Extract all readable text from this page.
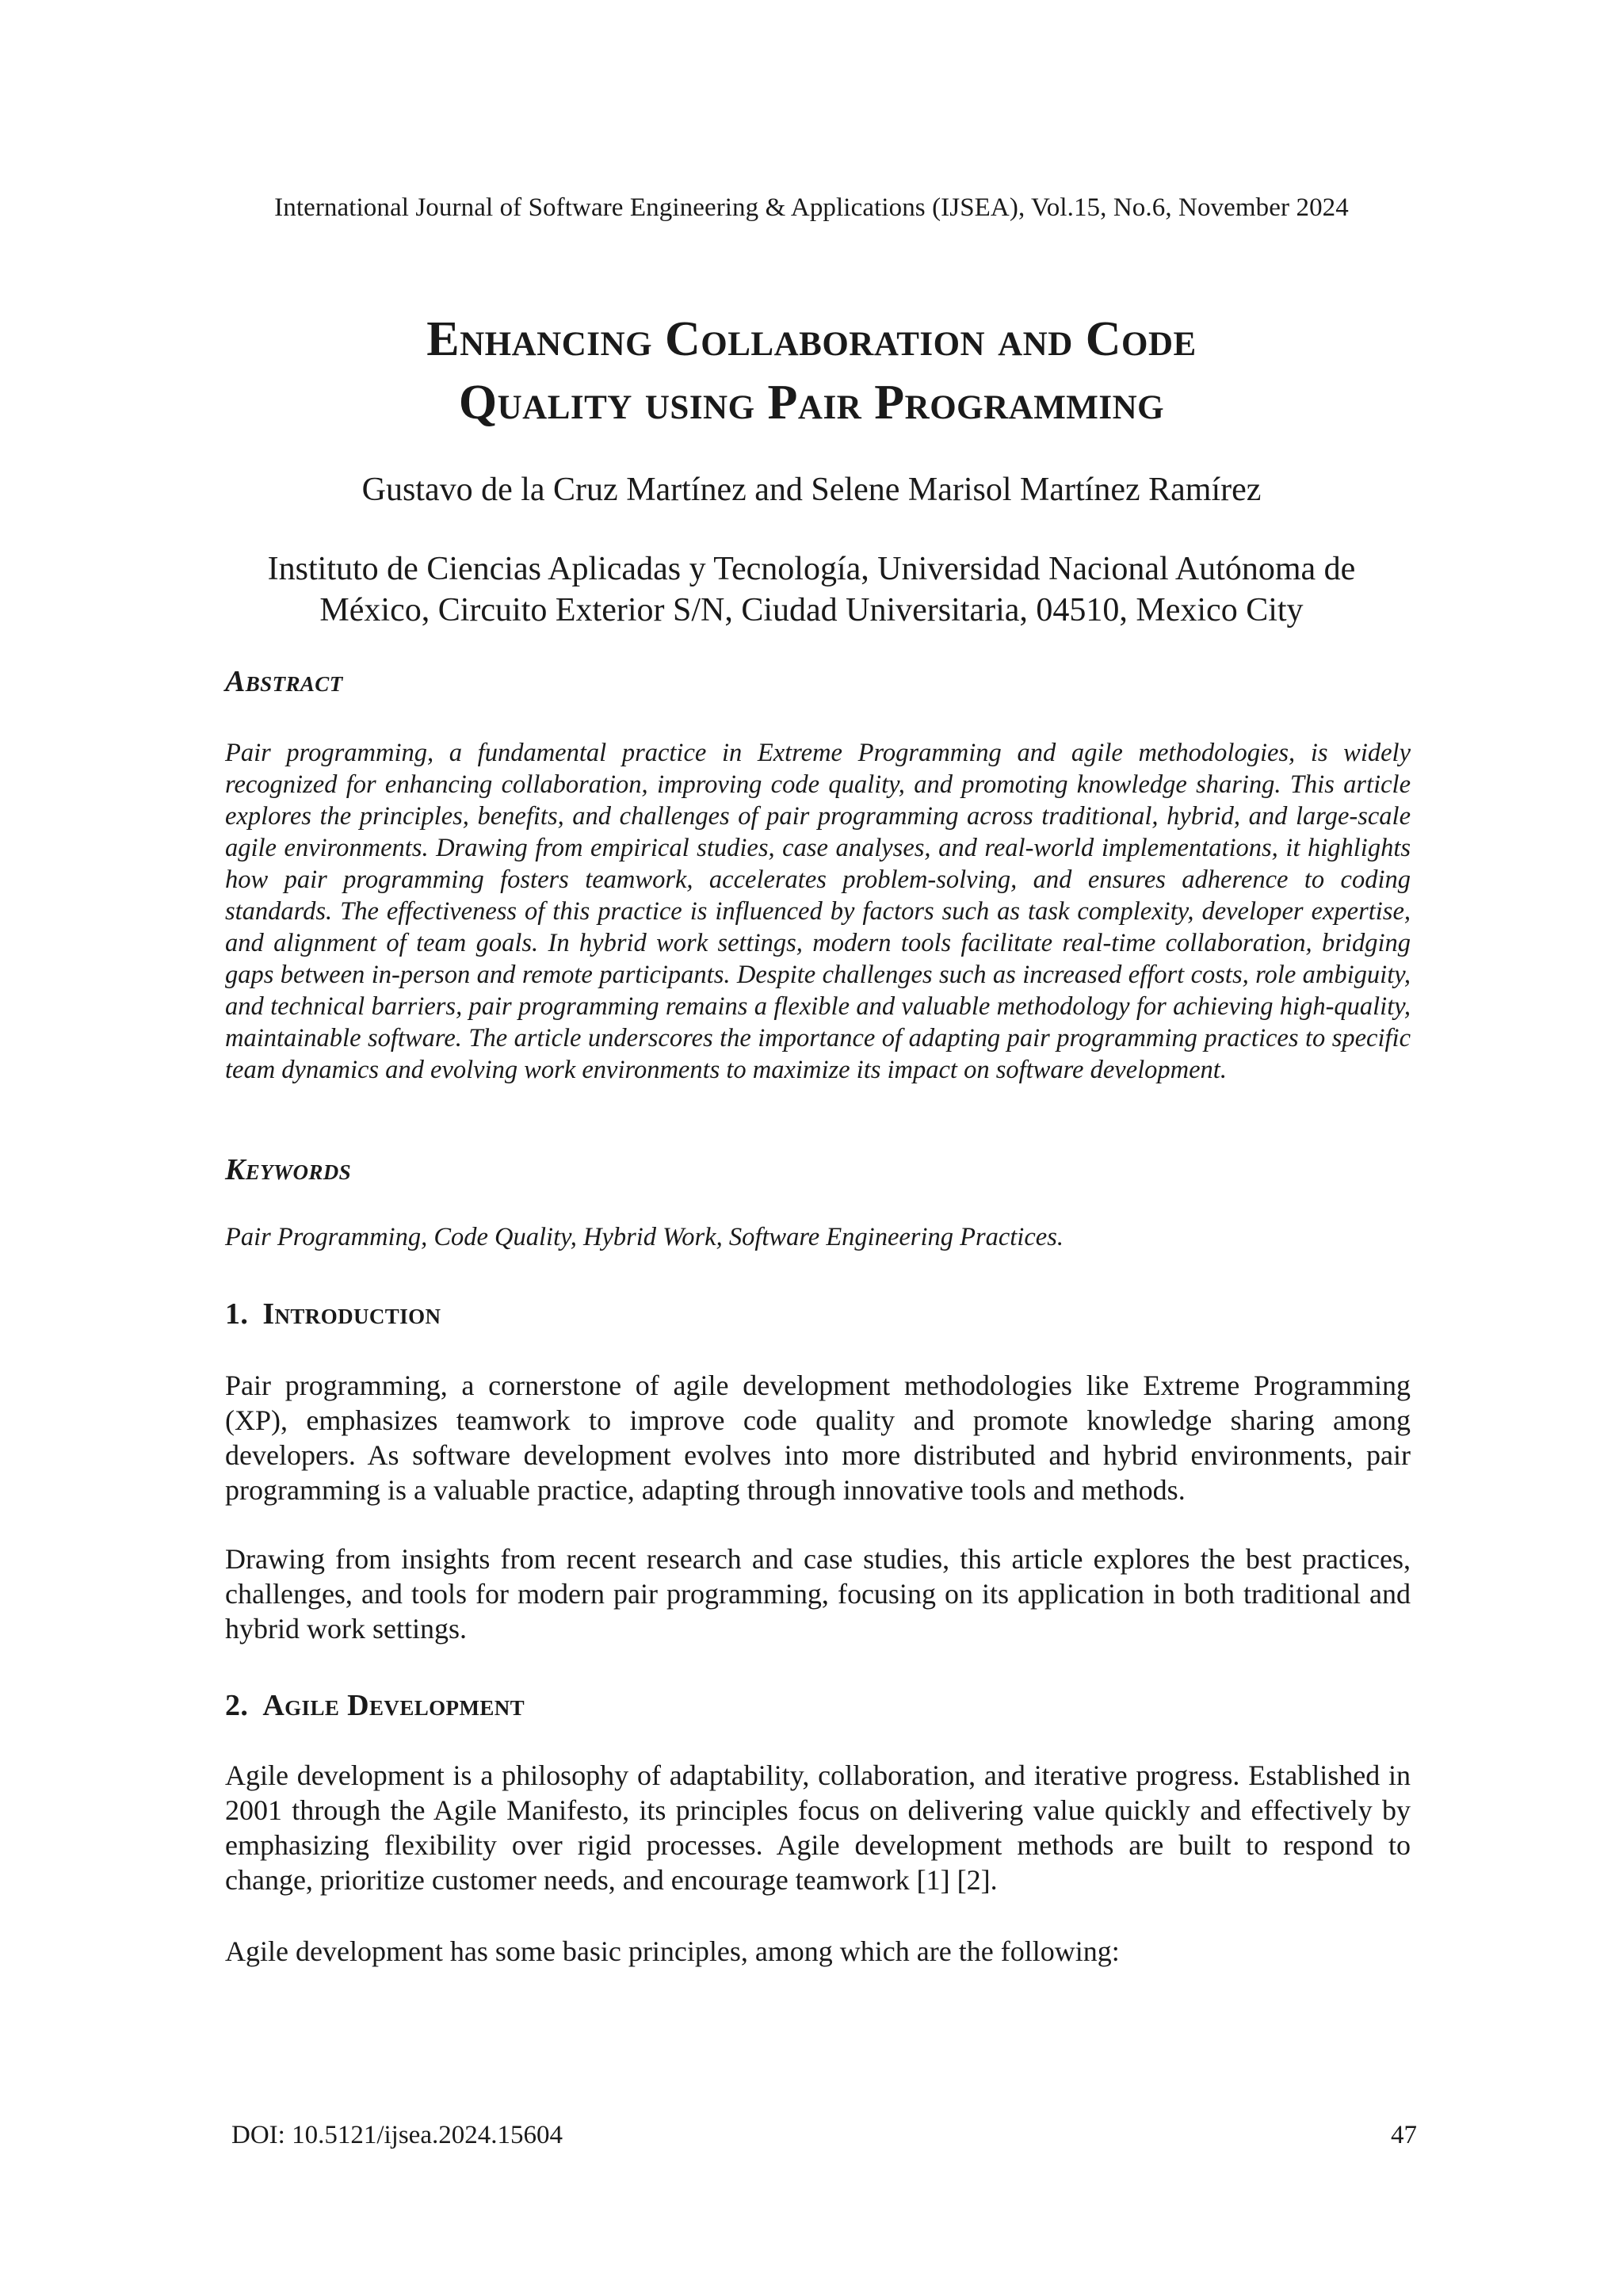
International Journal of Software Engineering & Applications (IJSEA), Vol.15, No.6, November 2024
Enhancing Collaboration and Code
Quality using Pair Programming
Gustavo de la Cruz Martínez and Selene Marisol Martínez Ramírez
Instituto de Ciencias Aplicadas y Tecnología, Universidad Nacional Autónoma de
México, Circuito Exterior S/N, Ciudad Universitaria, 04510, Mexico City
Abstract
Pair programming, a fundamental practice in Extreme Programming and agile methodologies, is widely recognized for enhancing collaboration, improving code quality, and promoting knowledge sharing. This article explores the principles, benefits, and challenges of pair programming across traditional, hybrid, and large-scale agile environments. Drawing from empirical studies, case analyses, and real-world implementations, it highlights how pair programming fosters teamwork, accelerates problem-solving, and ensures adherence to coding standards. The effectiveness of this practice is influenced by factors such as task complexity, developer expertise, and alignment of team goals. In hybrid work settings, modern tools facilitate real-time collaboration, bridging gaps between in-person and remote participants. Despite challenges such as increased effort costs, role ambiguity, and technical barriers, pair programming remains a flexible and valuable methodology for achieving high-quality, maintainable software. The article underscores the importance of adapting pair programming practices to specific team dynamics and evolving work environments to maximize its impact on software development.
Keywords
Pair Programming, Code Quality, Hybrid Work, Software Engineering Practices.
1. Introduction
Pair programming, a cornerstone of agile development methodologies like Extreme Programming (XP), emphasizes teamwork to improve code quality and promote knowledge sharing among developers. As software development evolves into more distributed and hybrid environments, pair programming is a valuable practice, adapting through innovative tools and methods.
Drawing from insights from recent research and case studies, this article explores the best practices, challenges, and tools for modern pair programming, focusing on its application in both traditional and hybrid work settings.
2. Agile Development
Agile development is a philosophy of adaptability, collaboration, and iterative progress. Established in 2001 through the Agile Manifesto, its principles focus on delivering value quickly and effectively by emphasizing flexibility over rigid processes. Agile development methods are built to respond to change, prioritize customer needs, and encourage teamwork [1] [2].
Agile development has some basic principles, among which are the following:
DOI: 10.5121/ijsea.2024.15604	47
